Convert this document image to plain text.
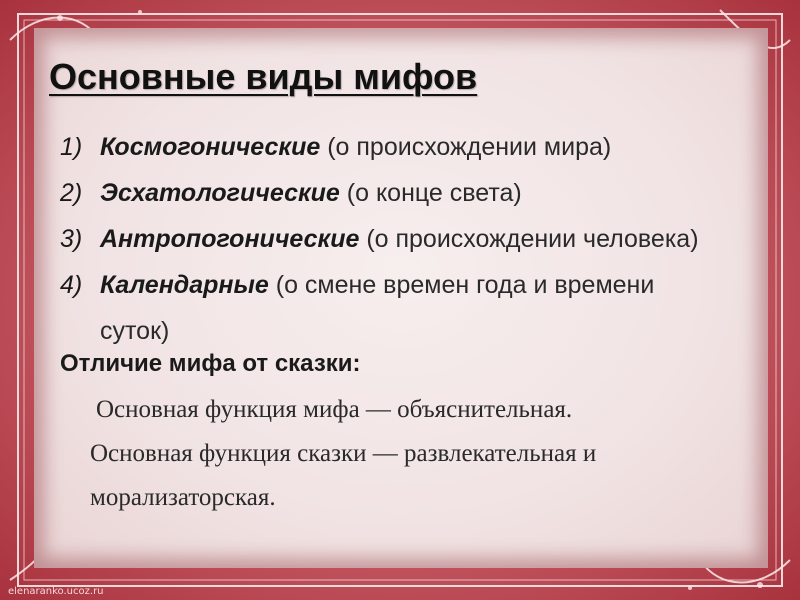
Основные виды мифов
1) Космогонические (о происхождении мира)
2) Эсхатологические (о конце света)
3) Антропогонические (о происхождении человека)
4) Календарные (о смене времен года и времени
суток)
Отличие мифа от сказки:

Основная функция мифа — объяснительная.

Основная функция сказки — развлекательная и

морализаторская.

elenaranko.ucoz.ru
